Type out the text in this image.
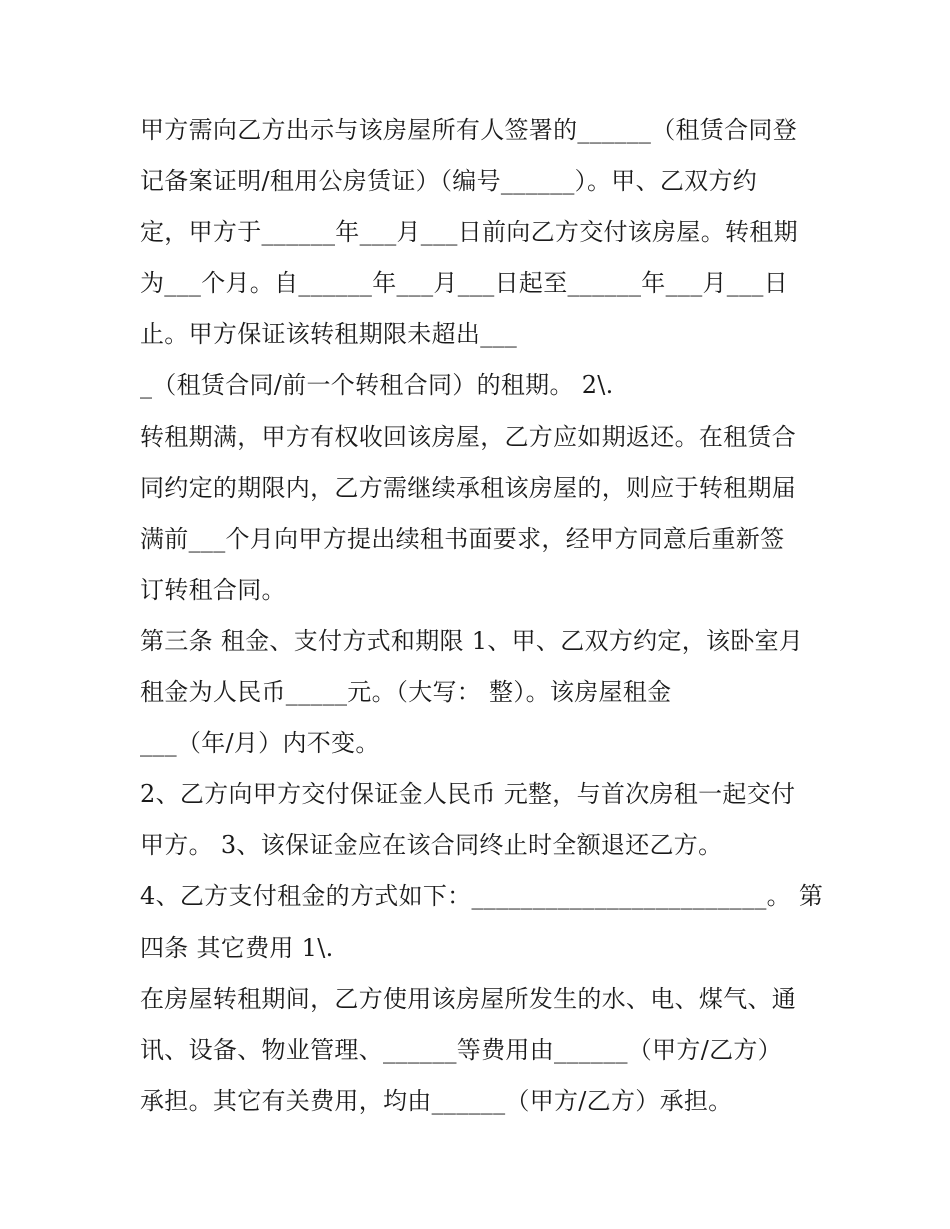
甲方需向乙方出示与该房屋所有人签署的______（租赁合同登
记备案证明/租用公房赁证）（编号______）。甲、乙双方约
定，甲方于______年___月___日前向乙方交付该房屋。转租期
为___个月。自______年___月___日起至______年___月___日
止。甲方保证该转租期限未超出___
_（租赁合同/前一个转租合同）的租期。 2\.
转租期满，甲方有权收回该房屋，乙方应如期返还。在租赁合
同约定的期限内，乙方需继续承租该房屋的，则应于转租期届
满前___个月向甲方提出续租书面要求，经甲方同意后重新签
订转租合同。
第三条 租金、支付方式和期限 1、甲、乙双方约定，该卧室月
租金为人民币_____元。（大写： 整）。该房屋租金
___（年/月）内不变。
2、乙方向甲方交付保证金人民币 元整，与首次房租一起交付
甲方。 3、该保证金应在该合同终止时全额退还乙方。
4、乙方支付租金的方式如下：________________________。 第
四条 其它费用 1\.
在房屋转租期间，乙方使用该房屋所发生的水、电、煤气、通
讯、设备、物业管理、______等费用由______（甲方/乙方）
承担。其它有关费用，均由______（甲方/乙方）承担。
